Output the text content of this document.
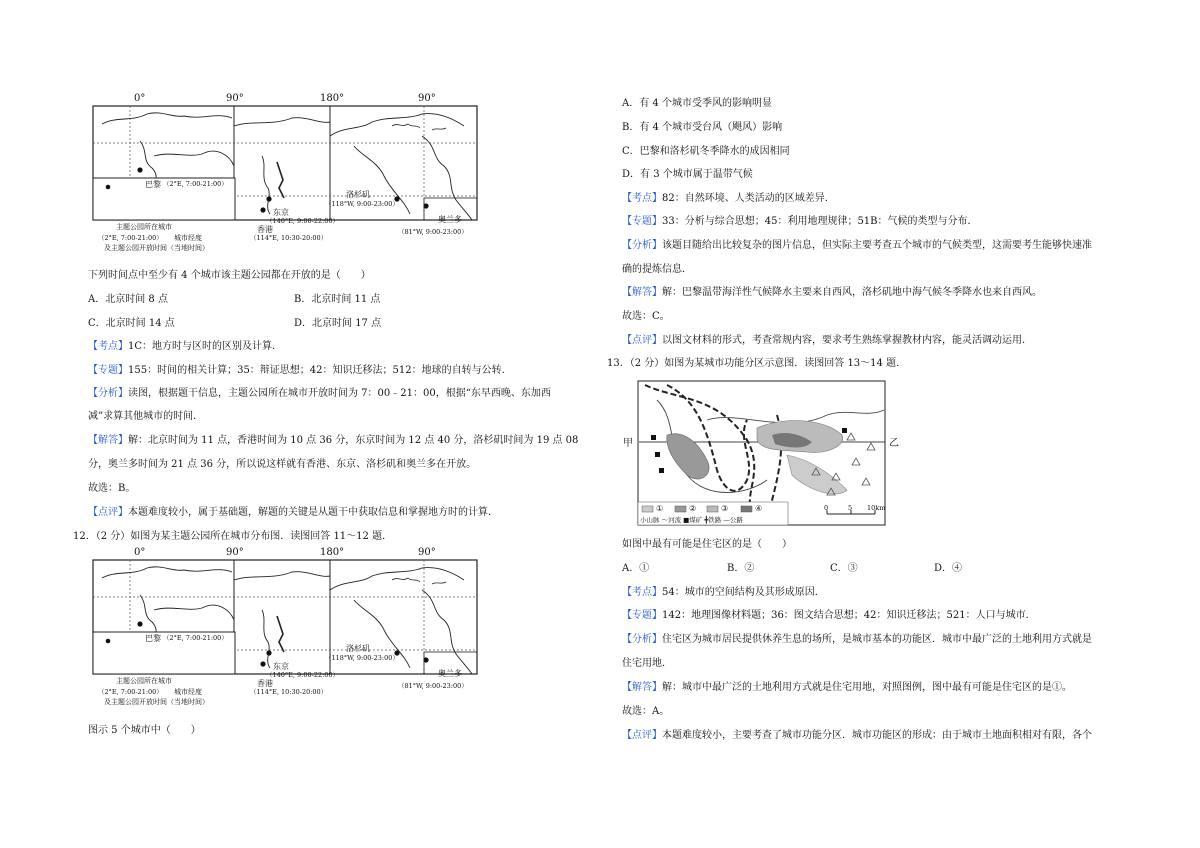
0°	90°	180°	90°
巴黎 （2°E, 7:00-21:00）
东京
（140°E, 9:00-22:00）
香港
（114°E, 10:30-20:00）
洛杉矶
（118°W, 9:00-23:00）
奥兰多
（81°W, 9:00-23:00）
主题公园所在城市
（2°E, 7:00-21:00） 城市经度
及主题公园开放时间（当地时间）
下列时间点中至少有 4 个城市该主题公园都在开放的是（　　）
A．北京时间 8 点	B．北京时间 11 点
C．北京时间 14 点	D．北京时间 17 点
【考点】1C：地方时与区时的区别及计算．
【专题】155：时间的相关计算；35：辩证思想；42：知识迁移法；512：地球的自转与公转．
【分析】读图，根据题干信息，主题公园所在城市开放时间为 7：00﹣21：00，根据“东早西晚、东加西
减”求算其他城市的时间．
【解答】解：北京时间为 11 点，香港时间为 10 点 36 分，东京时间为 12 点 40 分，洛杉矶时间为 19 点 08
分，奥兰多时间为 21 点 36 分，所以说这样就有香港、东京、洛杉矶和奥兰多在开放。
故选：B。
【点评】本题难度较小，属于基础题，解题的关键是从题干中获取信息和掌握地方时的计算．
12．（2 分）如图为某主题公园所在城市分布图．读图回答 11～12 题．
0°	90°	180°	90°
巴黎 （2°E, 7:00-21:00）
东京
（140°E, 9:00-22:00）
香港
（114°E, 10:30-20:00）
洛杉矶
（118°W, 9:00-23:00）
奥兰多
（81°W, 9:00-23:00）
主题公园所在城市
（2°E, 7:00-21:00） 城市经度
及主题公园开放时间（当地时间）
图示 5 个城市中（　　）
A．有 4 个城市受季风的影响明显
B．有 4 个城市受台风（飓风）影响
C．巴黎和洛杉矶冬季降水的成因相同
D．有 3 个城市属于温带气候
【考点】82：自然环境、人类活动的区域差异．
【专题】33：分析与综合思想；45：利用地理规律；51B：气候的类型与分布．
【分析】该题目随给出比较复杂的图片信息，但实际主要考查五个城市的气候类型，这需要考生能够快速准
确的提炼信息．
【解答】解：巴黎温带海洋性气候降水主要来自西风，洛杉矶地中海气候冬季降水也来自西风。
故选：C。
【点评】以图文材料的形式，考查常规内容，要求考生熟练掌握教材内容，能灵活调动运用．
13．（2 分）如图为某城市功能分区示意图．读图回答 13～14 题．
甲	乙
①	②	③	④
小山脉 ～河流 ■煤矿 ╋铁路 —公路
0	5 10km
如图中最有可能是住宅区的是（　　）
A．①	B．②	C．③	D．④
【考点】54：城市的空间结构及其形成原因．
【专题】142：地理图像材料题；36：图文结合思想；42：知识迁移法；521：人口与城市．
【分析】住宅区为城市居民提供休养生息的场所，是城市基本的功能区．城市中最广泛的土地利用方式就是
住宅用地．
【解答】解：城市中最广泛的土地利用方式就是住宅用地，对照图例，图中最有可能是住宅区的是①。
故选：A。
【点评】本题难度较小，主要考查了城市功能分区．城市功能区的形成：由于城市土地面积相对有限，各个
